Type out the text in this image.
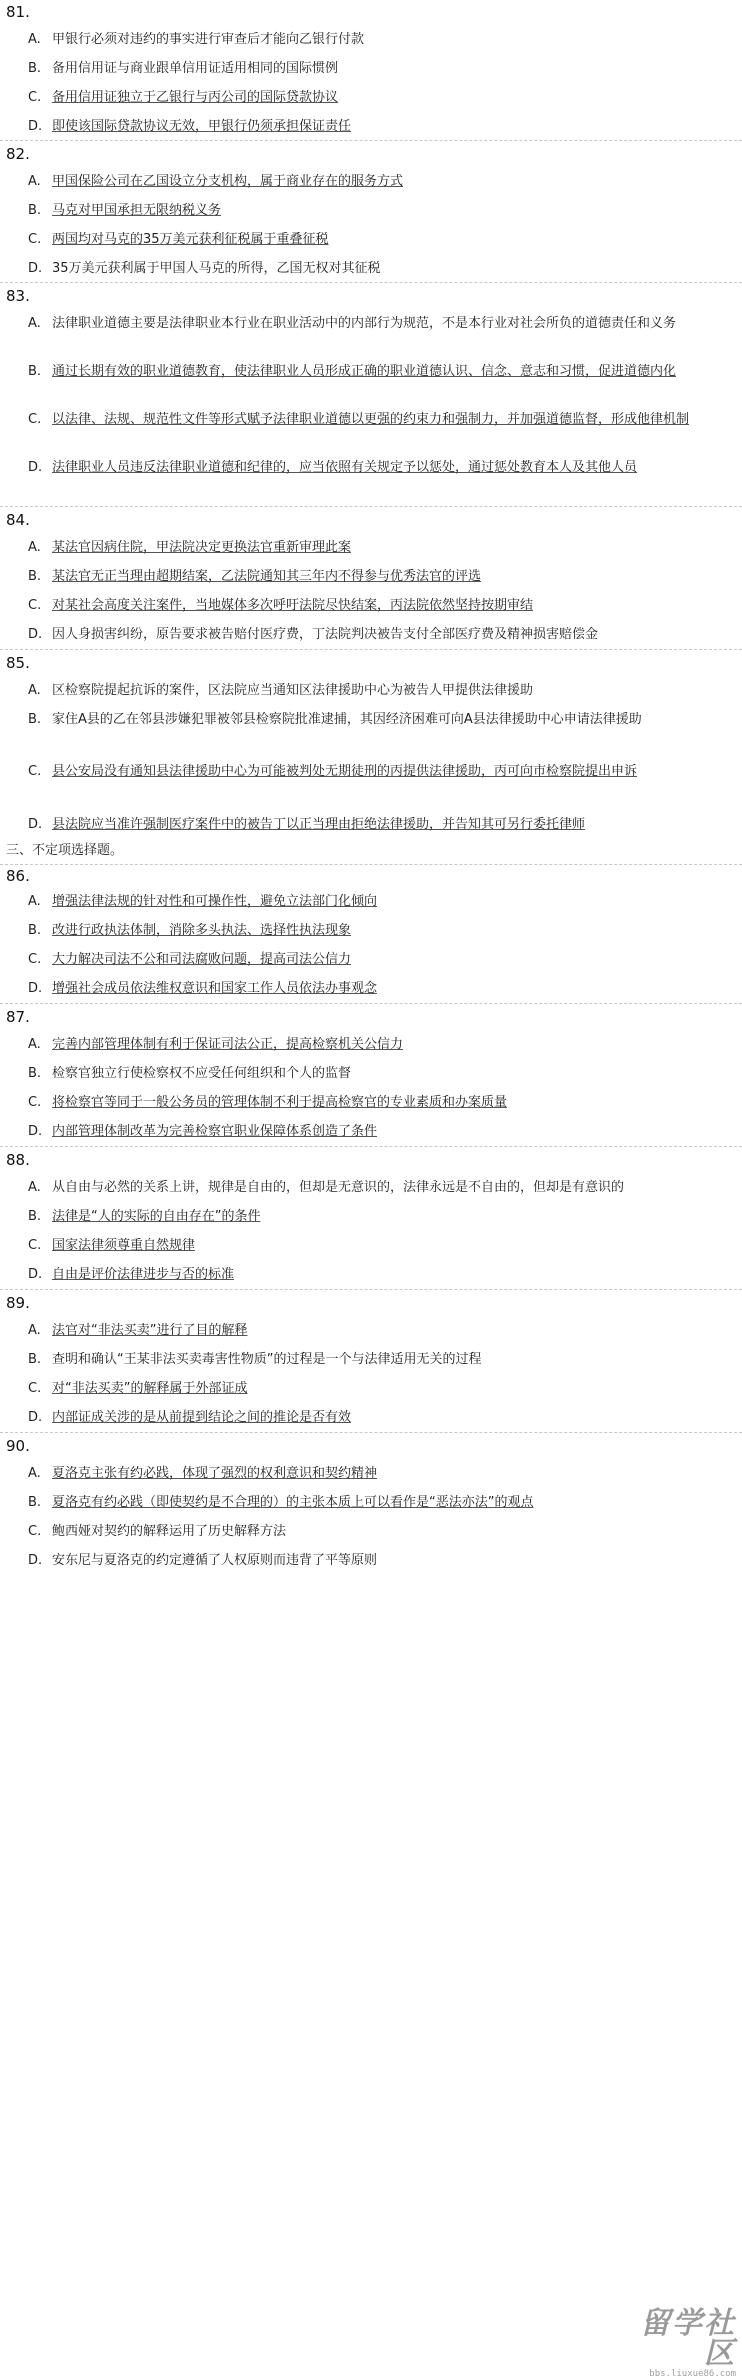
81.
A. 甲银行必须对违约的事实进行审查后才能向乙银行付款
B. 备用信用证与商业跟单信用证适用相同的国际惯例
C. 备用信用证独立于乙银行与丙公司的国际贷款协议
D. 即使该国际贷款协议无效，甲银行仍须承担保证责任
82.
A. 甲国保险公司在乙国设立分支机构，属于商业存在的服务方式
B. 马克对甲国承担无限纳税义务
C. 两国均对马克的35万美元获利征税属于重叠征税
D. 35万美元获利属于甲国人马克的所得，乙国无权对其征税
83.
A. 法律职业道德主要是法律职业本行业在职业活动中的内部行为规范，不是本行业对社会所负的道德责任和义务
B. 通过长期有效的职业道德教育，使法律职业人员形成正确的职业道德认识、信念、意志和习惯，促进道德内化
C. 以法律、法规、规范性文件等形式赋予法律职业道德以更强的约束力和强制力，并加强道德监督，形成他律机制
D. 法律职业人员违反法律职业道德和纪律的，应当依照有关规定予以惩处，通过惩处教育本人及其他人员
84.
A. 某法官因病住院，甲法院决定更换法官重新审理此案
B. 某法官无正当理由超期结案，乙法院通知其三年内不得参与优秀法官的评选
C. 对某社会高度关注案件，当地媒体多次呼吁法院尽快结案，丙法院依然坚持按期审结
D. 因人身损害纠纷，原告要求被告赔付医疗费，丁法院判决被告支付全部医疗费及精神损害赔偿金
85.
A. 区检察院提起抗诉的案件，区法院应当通知区法律援助中心为被告人甲提供法律援助
B. 家住A县的乙在邻县涉嫌犯罪被邻县检察院批准逮捕，其因经济困难可向A县法律援助中心申请法律援助
C. 县公安局没有通知县法律援助中心为可能被判处无期徒刑的丙提供法律援助，丙可向市检察院提出申诉
D. 县法院应当准许强制医疗案件中的被告丁以正当理由拒绝法律援助，并告知其可另行委托律师
三、不定项选择题。
86.
A. 增强法律法规的针对性和可操作性，避免立法部门化倾向
B. 改进行政执法体制，消除多头执法、选择性执法现象
C. 大力解决司法不公和司法腐败问题，提高司法公信力
D. 增强社会成员依法维权意识和国家工作人员依法办事观念
87.
A. 完善内部管理体制有利于保证司法公正，提高检察机关公信力
B. 检察官独立行使检察权不应受任何组织和个人的监督
C. 将检察官等同于一般公务员的管理体制不利于提高检察官的专业素质和办案质量
D. 内部管理体制改革为完善检察官职业保障体系创造了条件
88.
A. 从自由与必然的关系上讲，规律是自由的，但却是无意识的，法律永远是不自由的，但却是有意识的
B. 法律是“人的实际的自由存在”的条件
C. 国家法律须尊重自然规律
D. 自由是评价法律进步与否的标准
89.
A. 法官对“非法买卖”进行了目的解释
B. 查明和确认“王某非法买卖毒害性物质”的过程是一个与法律适用无关的过程
C. 对“非法买卖”的解释属于外部证成
D. 内部证成关涉的是从前提到结论之间的推论是否有效
90.
A. 夏洛克主张有约必践，体现了强烈的权利意识和契约精神
B. 夏洛克有约必践（即使契约是不合理的）的主张本质上可以看作是“恶法亦法”的观点
C. 鲍西娅对契约的解释运用了历史解释方法
D. 安东尼与夏洛克的约定遵循了人权原则而违背了平等原则
留学社区
bbs.liuxue86.com
